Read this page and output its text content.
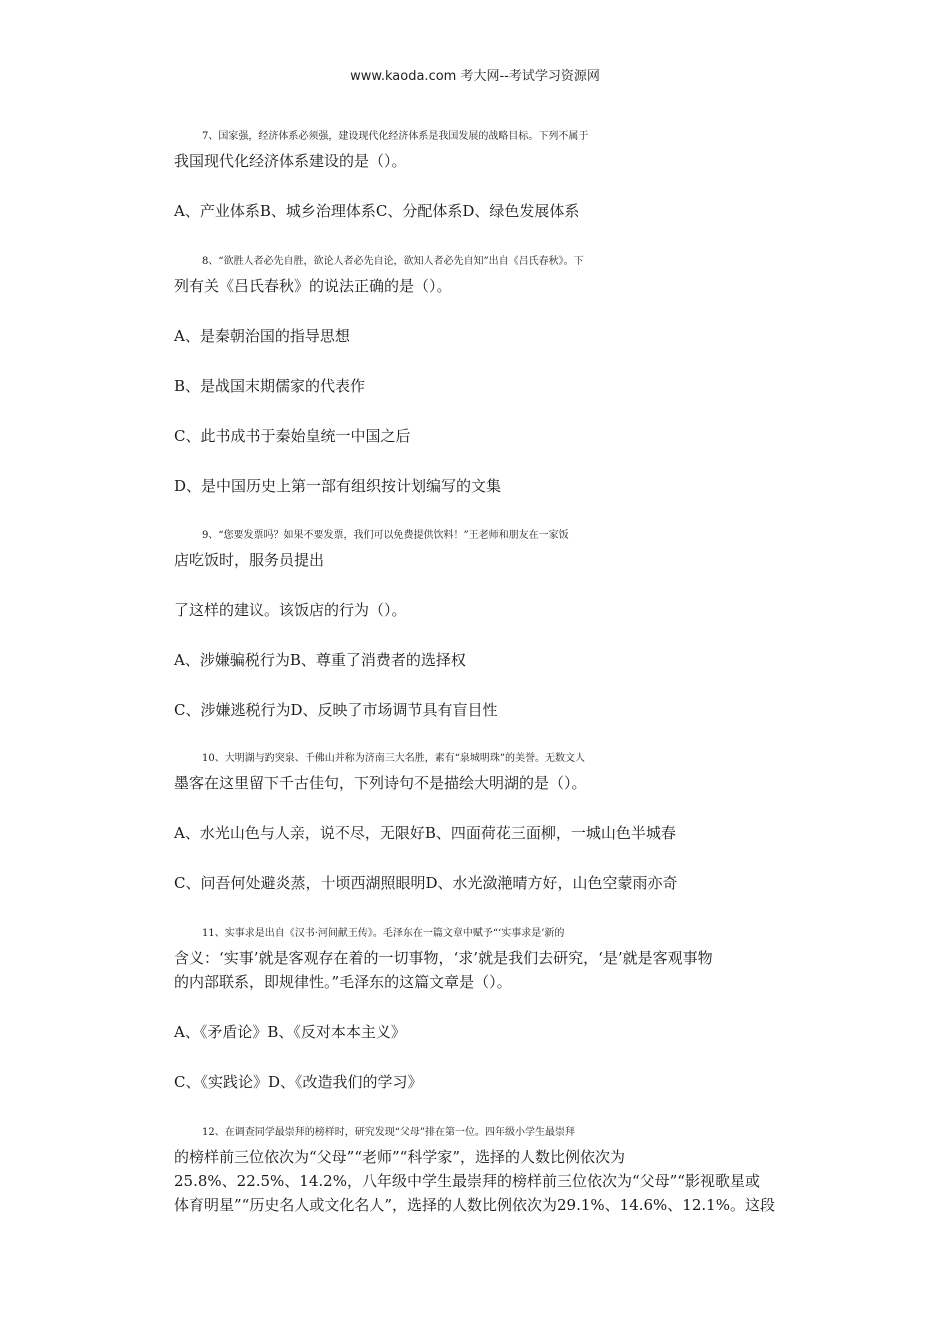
www.kaoda.com 考大网--考试学习资源网
7、国家强，经济体系必须强，建设现代化经济体系是我国发展的战略目标。下列不属于
我国现代化经济体系建设的是（）。
A、产业体系B、城乡治理体系C、分配体系D、绿色发展体系
8、“欲胜人者必先自胜，欲论人者必先自论，欲知人者必先自知”出自《吕氏春秋》。下
列有关《吕氏春秋》的说法正确的是（）。
A、是秦朝治国的指导思想
B、是战国末期儒家的代表作
C、此书成书于秦始皇统一中国之后
D、是中国历史上第一部有组织按计划编写的文集
9、“您要发票吗？如果不要发票，我们可以免费提供饮料！”王老师和朋友在一家饭
店吃饭时，服务员提出
了这样的建议。该饭店的行为（）。
A、涉嫌骗税行为B、尊重了消费者的选择权
C、涉嫌逃税行为D、反映了市场调节具有盲目性
10、大明湖与趵突泉、千佛山并称为济南三大名胜，素有“泉城明珠”的美誉。无数文人
墨客在这里留下千古佳句，下列诗句不是描绘大明湖的是（）。
A、水光山色与人亲，说不尽，无限好B、四面荷花三面柳，一城山色半城春
C、问吾何处避炎蒸，十顷西湖照眼明D、水光潋滟晴方好，山色空蒙雨亦奇
11、实事求是出自《汉书·河间献王传》。毛泽东在一篇文章中赋予“‘实事求是’新的
含义：‘实事’就是客观存在着的一切事物，‘求’就是我们去研究，‘是’就是客观事物
的内部联系，即规律性。”毛泽东的这篇文章是（）。
A、《矛盾论》B、《反对本本主义》
C、《实践论》D、《改造我们的学习》
12、在调查同学最崇拜的榜样时，研究发现“父母”排在第一位。四年级小学生最崇拜
的榜样前三位依次为“父母”“老师”“科学家”，选择的人数比例依次为
25.8%、22.5%、14.2%，八年级中学生最崇拜的榜样前三位依次为“父母”“影视歌星或
体育明星”“历史名人或文化名人”，选择的人数比例依次为29.1%、14.6%、12.1%。这段
